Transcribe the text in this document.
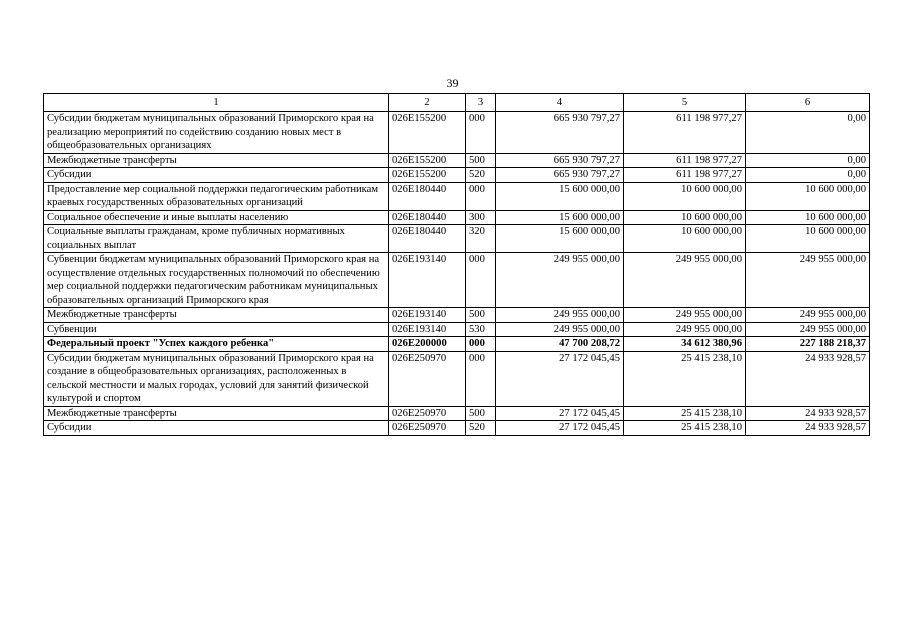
39
1	2	3	4	5	6
Субсидии бюджетам муниципальных образований Приморского края на реализацию мероприятий по содействию созданию новых мест в общеобразовательных организациях	026E155200	000	665 930 797,27	611 198 977,27	0,00
Межбюджетные трансферты	026E155200	500	665 930 797,27	611 198 977,27	0,00
Субсидии	026E155200	520	665 930 797,27	611 198 977,27	0,00
Предоставление мер социальной поддержки педагогическим работникам краевых государственных образовательных организаций	026E180440	000	15 600 000,00	10 600 000,00	10 600 000,00
Социальное обеспечение и иные выплаты населению	026E180440	300	15 600 000,00	10 600 000,00	10 600 000,00
Социальные выплаты гражданам, кроме публичных нормативных социальных выплат	026E180440	320	15 600 000,00	10 600 000,00	10 600 000,00
Субвенции бюджетам муниципальных образований Приморского края на осуществление отдельных государственных полномочий по обеспечению мер социальной поддержки педагогическим работникам муниципальных образовательных организаций Приморского края	026E193140	000	249 955 000,00	249 955 000,00	249 955 000,00
Межбюджетные трансферты	026E193140	500	249 955 000,00	249 955 000,00	249 955 000,00
Субвенции	026E193140	530	249 955 000,00	249 955 000,00	249 955 000,00
Федеральный проект "Успех каждого ребенка"	026E200000	000	47 700 208,72	34 612 380,96	227 188 218,37
Субсидии бюджетам муниципальных образований Приморского края на создание в общеобразовательных организациях, расположенных в сельской местности и малых городах, условий для занятий физической культурой и спортом	026E250970	000	27 172 045,45	25 415 238,10	24 933 928,57
Межбюджетные трансферты	026E250970	500	27 172 045,45	25 415 238,10	24 933 928,57
Субсидии	026E250970	520	27 172 045,45	25 415 238,10	24 933 928,57
